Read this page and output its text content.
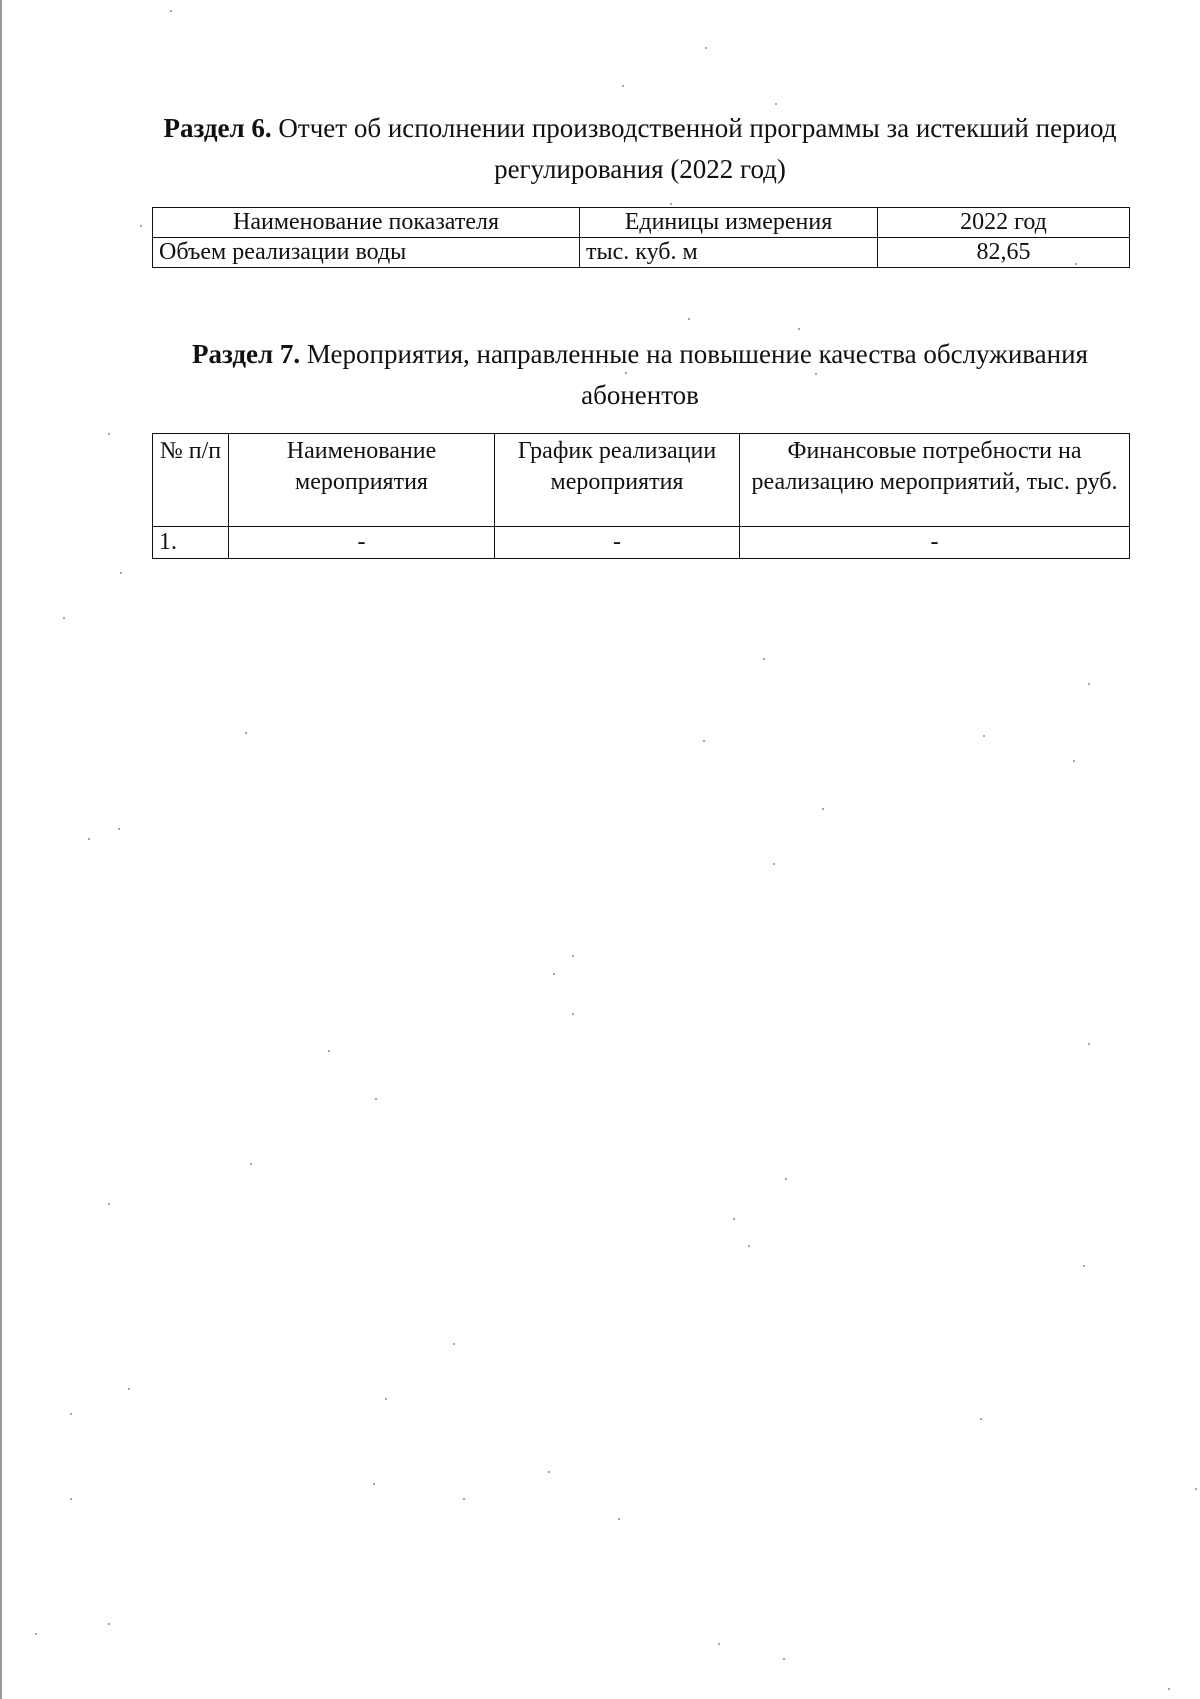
Раздел 6. Отчет об исполнении производственной программы за истекший период регулирования (2022 год)
Наименование показателя	Единицы измерения	2022 год
Объем реализации воды	тыс. куб. м	82,65
Раздел 7. Мероприятия, направленные на повышение качества обслуживания абонентов
№ п/п	Наименование мероприятия	График реализации мероприятия	Финансовые потребности на реализацию мероприятий, тыс. руб.
1.	-	-	-
